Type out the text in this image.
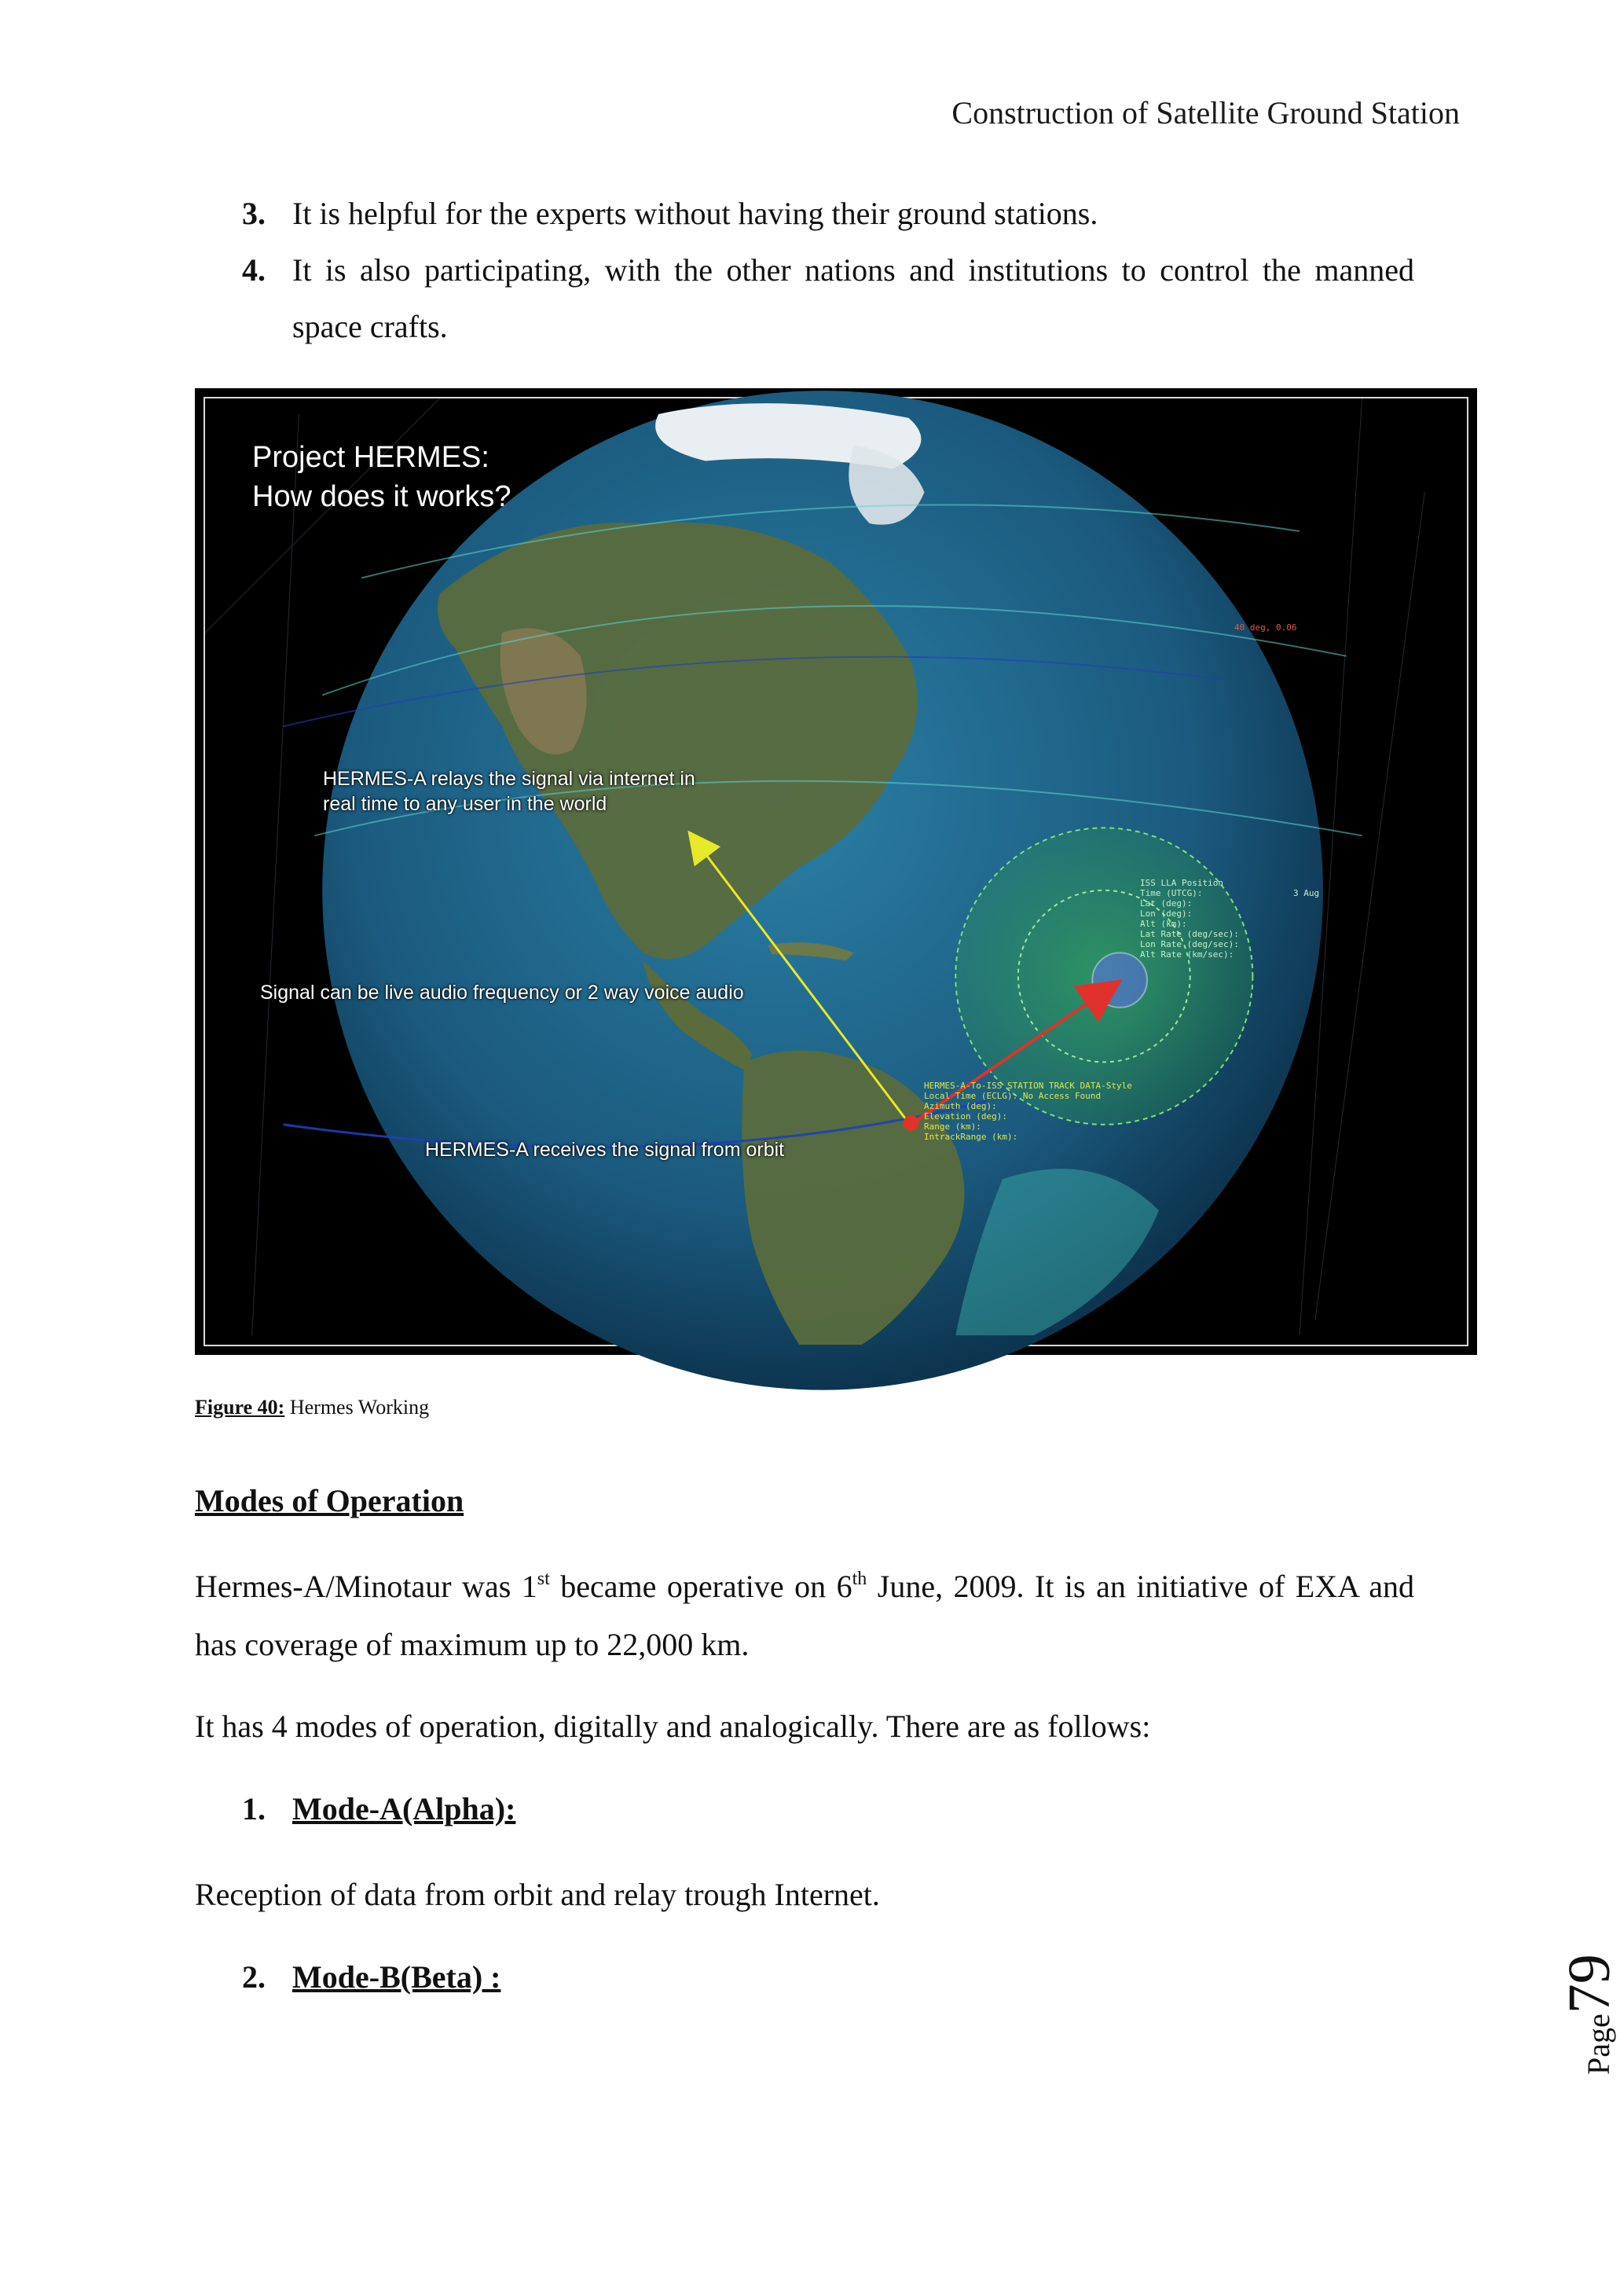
Construction of Satellite Ground Station
3. It is helpful for the experts without having their ground stations.
4. It is also participating, with the other nations and institutions to control the manned space crafts.
Project HERMES:
How does it works?
HERMES-A relays the signal via internet in real time to any user in the world
Signal can be live audio frequency or 2 way voice audio
HERMES-A receives the signal from orbit
40 deg, 0.06
ISS LLA Position
Time (UTCG):
Lat (deg):
Lon (deg):
Alt (km):
Lat Rate (deg/sec):
Lon Rate (deg/sec):
Alt Rate (km/sec):
3 Aug
HERMES-A-To-ISS STATION TRACK DATA-Style
Local Time (ECLG): No Access Found
Azimuth (deg):
Elevation (deg):
Range (km):
IntrackRange (km):
Figure 40: Hermes Working
Modes of Operation
Hermes-A/Minotaur was 1st became operative on 6th June, 2009. It is an initiative of EXA and has coverage of maximum up to 22,000 km.
It has 4 modes of operation, digitally and analogically. There are as follows:
1. Mode-A(Alpha):
Reception of data from orbit and relay trough Internet.
2. Mode-B(Beta) :
Page79
